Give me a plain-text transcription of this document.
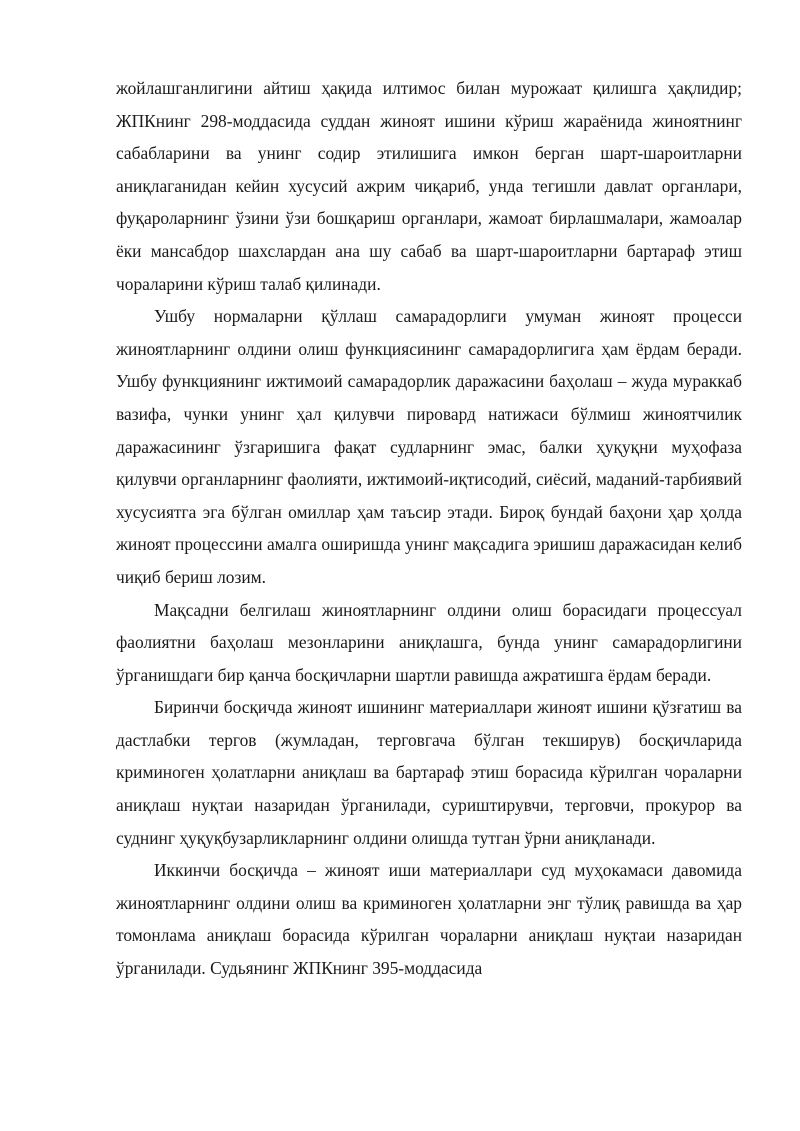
жойлашганлигини айтиш ҳақида илтимос билан мурожаат қилишга ҳақлидир; ЖПКнинг 298-моддасида суддан жиноят ишини кўриш жараёнида жиноятнинг сабабларини ва унинг содир этилишига имкон берган шарт-шароитларни аниқлаганидан кейин хусусий ажрим чиқариб, унда тегишли давлат органлари, фуқароларнинг ўзини ўзи бошқариш органлари, жамоат бирлашмалари, жамоалар ёки мансабдор шахслардан ана шу сабаб ва шарт-шароитларни бартараф этиш чораларини кўриш талаб қилинади.

Ушбу нормаларни қўллаш самарадорлиги умуман жиноят процесси жиноятларнинг олдини олиш функциясининг самарадорлигига ҳам ёрдам беради. Ушбу функциянинг ижтимоий самарадорлик даражасини баҳолаш – жуда мураккаб вазифа, чунки унинг ҳал қилувчи пировард натижаси бўлмиш жиноятчилик даражасининг ўзгаришига фақат судларнинг эмас, балки ҳуқуқни муҳофаза қилувчи органларнинг фаолияти, ижтимоий-иқтисодий, сиёсий, маданий-тарбиявий хусусиятга эга бўлган омиллар ҳам таъсир этади. Бироқ бундай баҳони ҳар ҳолда жиноят процессини амалга оширишда унинг мақсадига эришиш даражасидан келиб чиқиб бериш лозим.

Мақсадни белгилаш жиноятларнинг олдини олиш борасидаги процессуал фаолиятни баҳолаш мезонларини аниқлашга, бунда унинг самарадорлигини ўрганишдаги бир қанча босқичларни шартли равишда ажратишга ёрдам беради.

Биринчи босқичда жиноят ишининг материаллари жиноят ишини қўзғатиш ва дастлабки тергов (жумладан, терговгача бўлган текширув) босқичларида криминоген ҳолатларни аниқлаш ва бартараф этиш борасида кўрилган чораларни аниқлаш нуқтаи назаридан ўрганилади, суриштирувчи, терговчи, прокурор ва суднинг ҳуқуқбузарликларнинг олдини олишда тутган ўрни аниқланади.

Иккинчи босқичда – жиноят иши материаллари суд муҳокамаси давомида жиноятларнинг олдини олиш ва криминоген ҳолатларни энг тўлиқ равишда ва ҳар томонлама аниқлаш борасида кўрилган чораларни аниқлаш нуқтаи назаридан ўрганилади. Судьянинг ЖПКнинг 395-моддасида
